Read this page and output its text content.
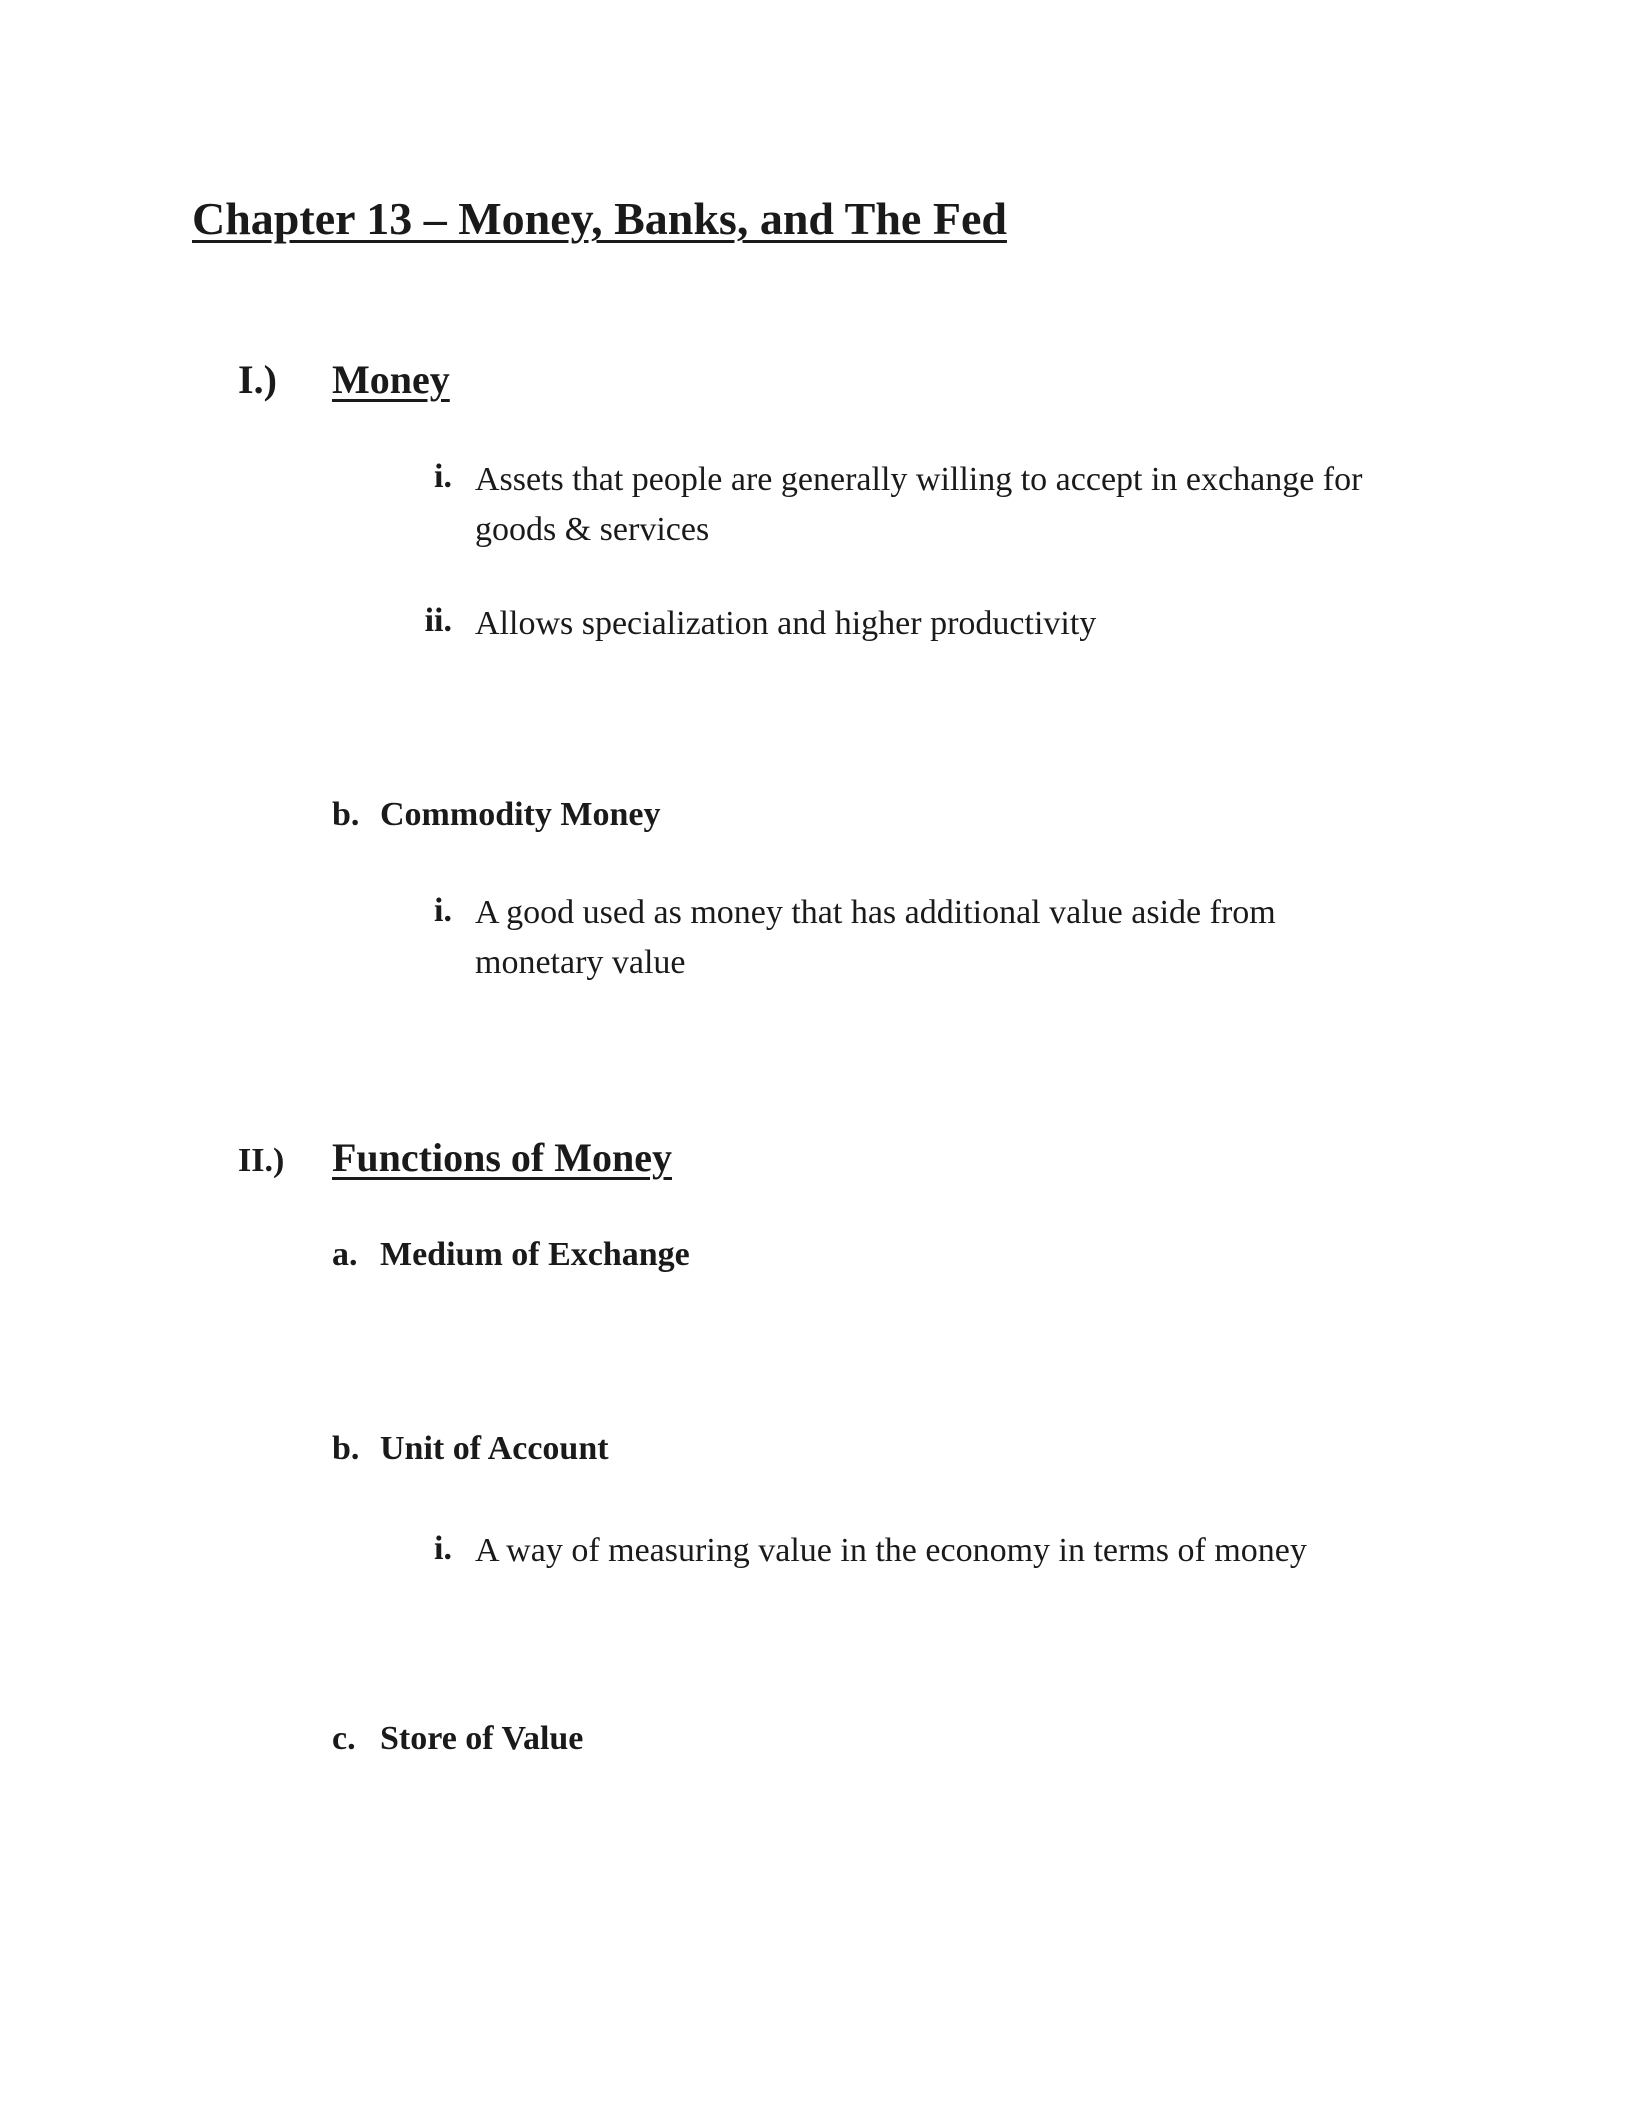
Chapter 13 – Money, Banks, and The Fed
I.) Money
i. Assets that people are generally willing to accept in exchange for goods & services
ii. Allows specialization and higher productivity
b. Commodity Money
i. A good used as money that has additional value aside from monetary value
II.) Functions of Money
a. Medium of Exchange
b. Unit of Account
i. A way of measuring value in the economy in terms of money
c. Store of Value
